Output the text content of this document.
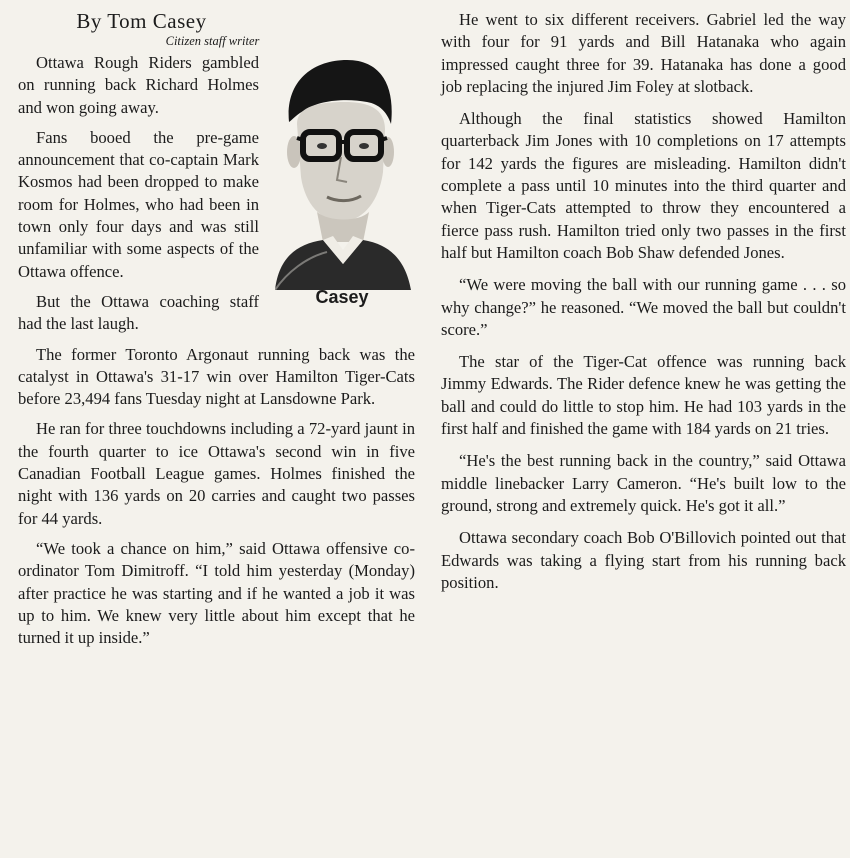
By Tom Casey
Citizen staff writer
Casey

Ottawa Rough Riders gambled on running back Richard Holmes and won going away.

Fans booed the pre-game announcement that co-captain Mark Kosmos had been dropped to make room for Holmes, who had been in town only four days and was still unfamiliar with some aspects of the Ottawa offence.

But the Ottawa coaching staff had the last laugh.

The former Toronto Argonaut running back was the catalyst in Ottawa's 31-17 win over Hamilton Tiger-Cats before 23,494 fans Tuesday night at Lansdowne Park.

He ran for three touchdowns including a 72-yard jaunt in the fourth quarter to ice Ottawa's second win in five Canadian Football League games. Holmes finished the night with 136 yards on 20 carries and caught two passes for 44 yards.

“We took a chance on him,” said Ottawa offensive co-ordinator Tom Dimitroff. “I told him yesterday (Monday) after practice he was starting and if he wanted a job it was up to him. We knew very little about him except that he turned it up inside.”

He went to six different receivers. Gabriel led the way with four for 91 yards and Bill Hatanaka who again impressed caught three for 39. Hatanaka has done a good job replacing the injured Jim Foley at slotback.

Although the final statistics showed Hamilton quarterback Jim Jones with 10 completions on 17 attempts for 142 yards the figures are misleading. Hamilton didn't complete a pass until 10 minutes into the third quarter and when Tiger-Cats attempted to throw they encountered a fierce pass rush. Hamilton tried only two passes in the first half but Hamilton coach Bob Shaw defended Jones.

“We were moving the ball with our running game . . . so why change?” he reasoned. “We moved the ball but couldn't score.”

The star of the Tiger-Cat offence was running back Jimmy Edwards. The Rider defence knew he was getting the ball and could do little to stop him. He had 103 yards in the first half and finished the game with 184 yards on 21 tries.

“He's the best running back in the country,” said Ottawa middle linebacker Larry Cameron. “He's built low to the ground, strong and extremely quick. He's got it all.”

Ottawa secondary coach Bob O'Billovich pointed out that Edwards was taking a flying start from his running back position.
